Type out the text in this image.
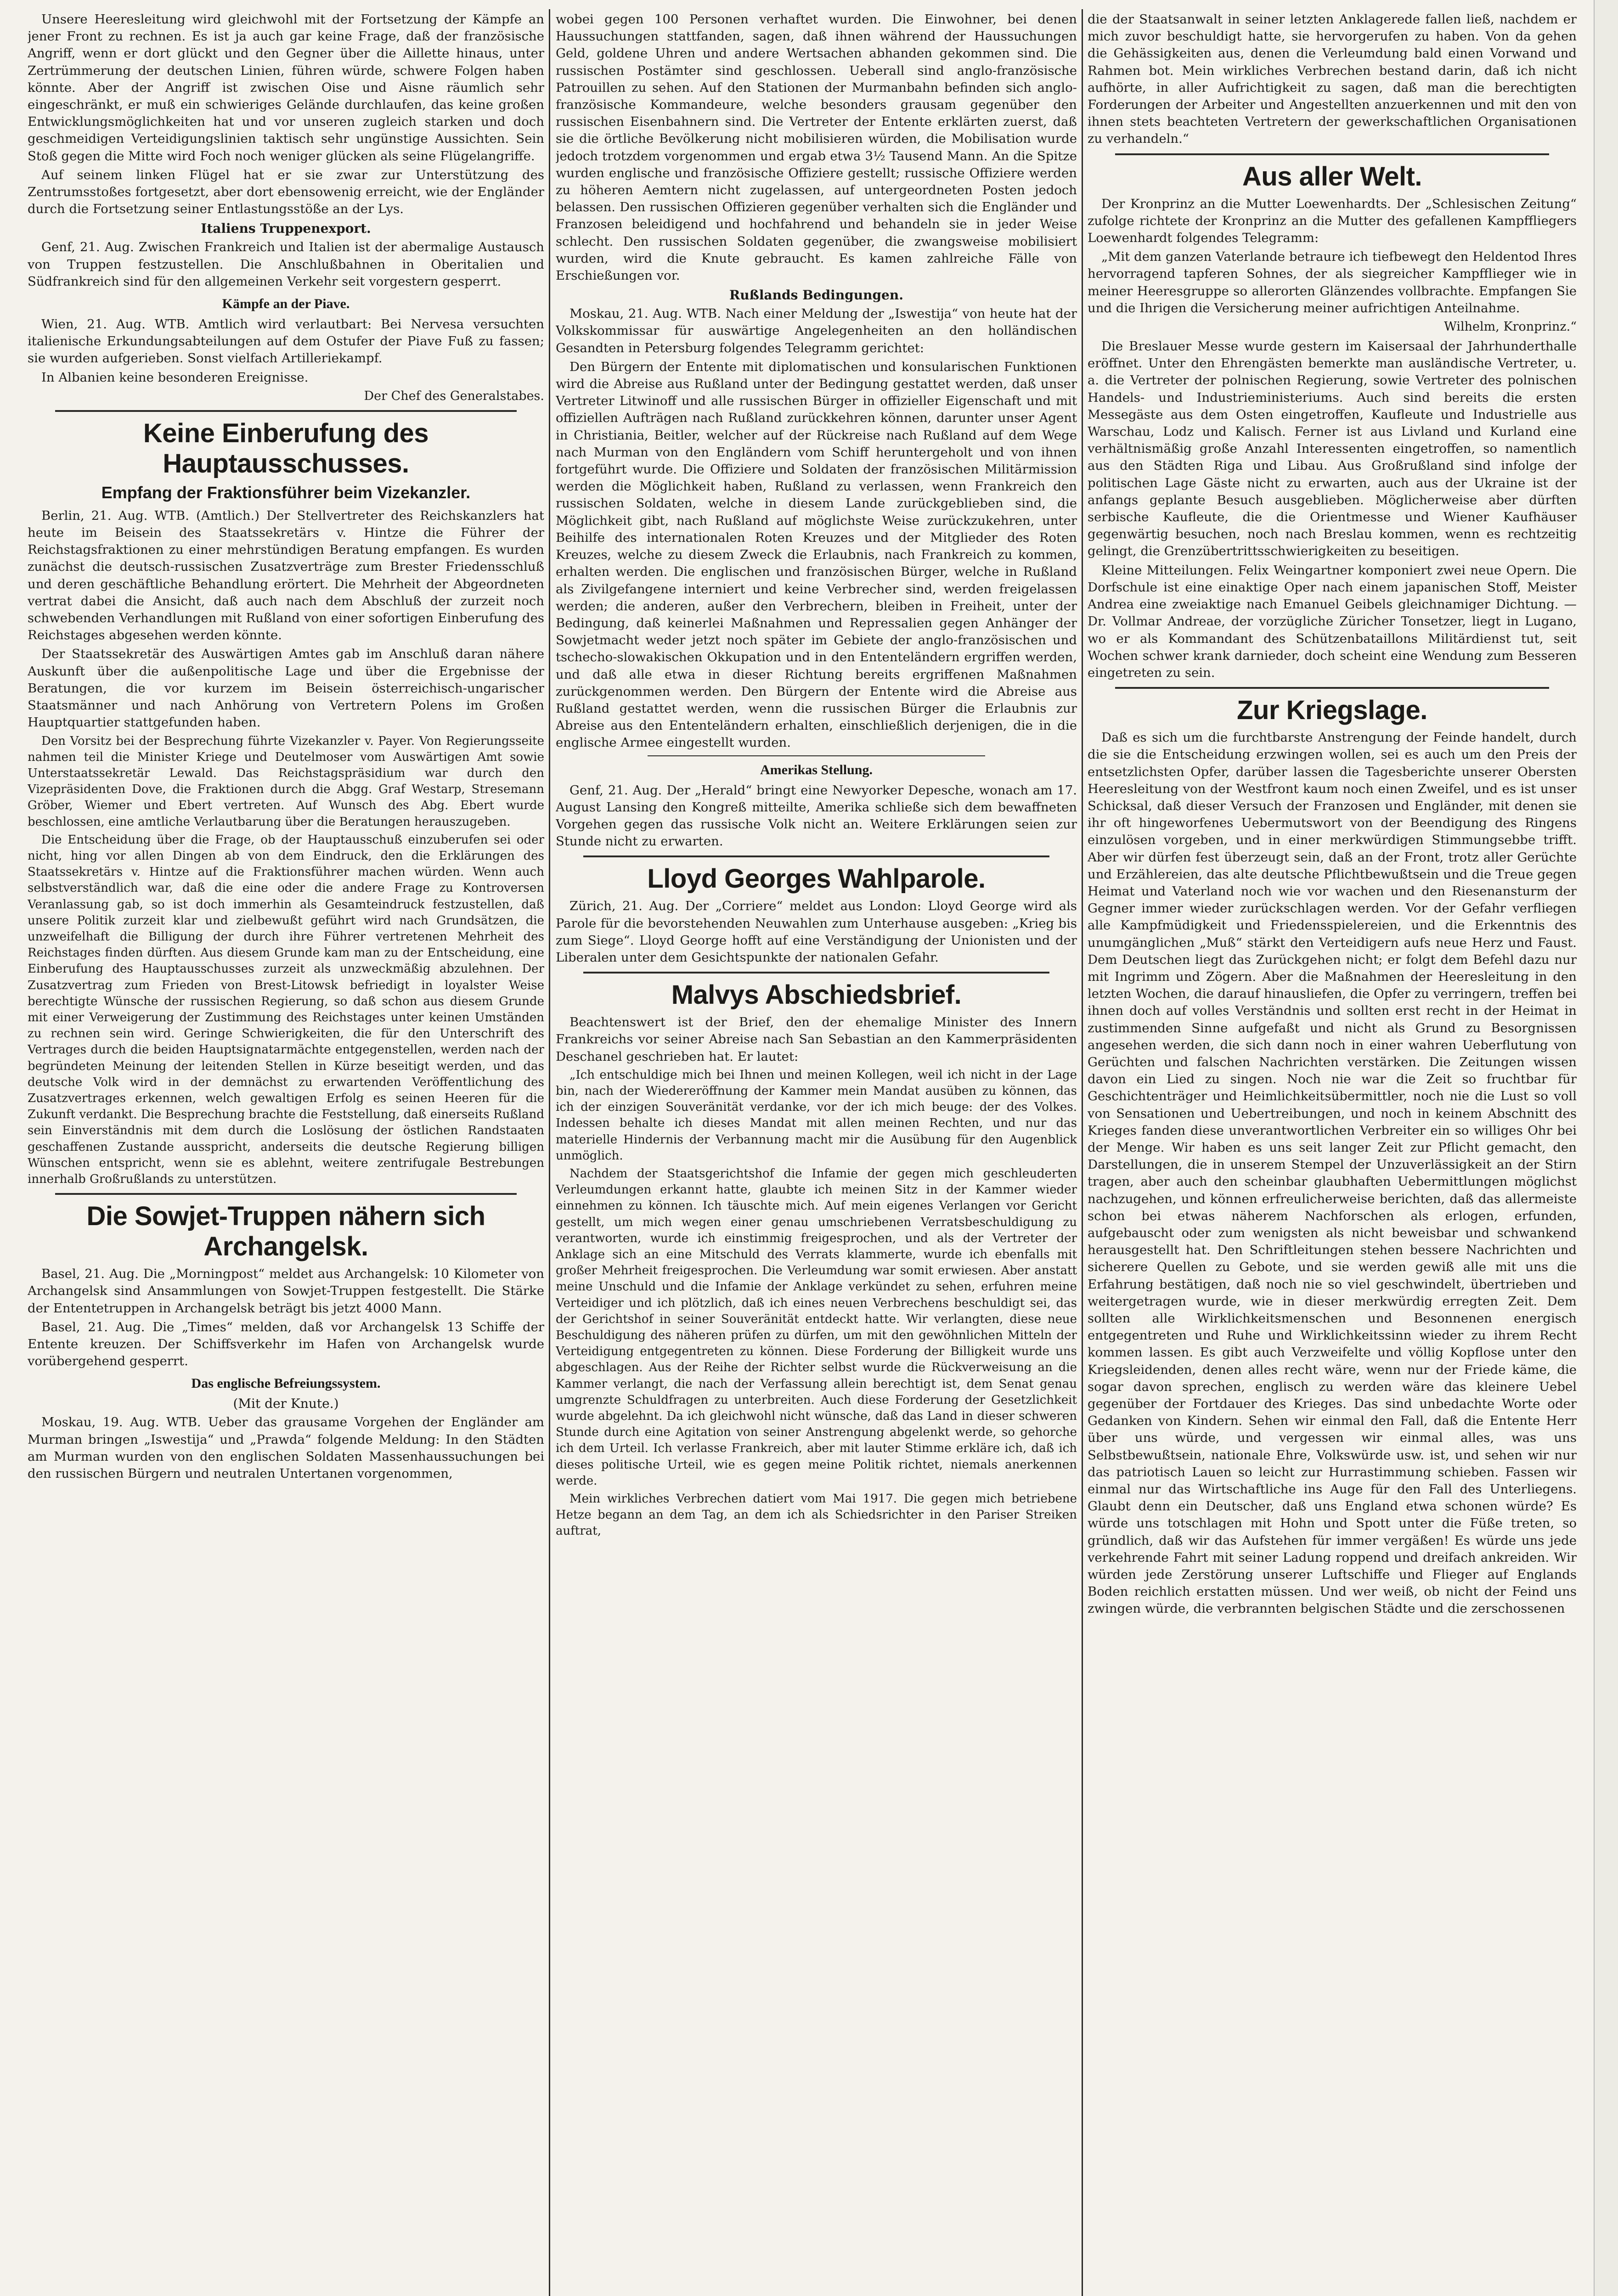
Unsere Heeresleitung wird gleichwohl mit der Fortsetzung der Kämpfe an jener Front zu rechnen. Es ist ja auch gar keine Frage, daß der französische Angriff, wenn er dort glückt und den Gegner über die Aillette hinaus, unter Zertrümmerung der deutschen Linien, führen würde, schwere Folgen haben könnte. Aber der Angriff ist zwischen Oise und Aisne räumlich sehr eingeschränkt, er muß ein schwieriges Gelände durchlaufen, das keine großen Entwicklungsmöglichkeiten hat und vor unseren zugleich starken und doch geschmeidigen Verteidigungslinien taktisch sehr ungünstige Aussichten. Sein Stoß gegen die Mitte wird Foch noch weniger glücken als seine Flügelangriffe.

Auf seinem linken Flügel hat er sie zwar zur Unterstützung des Zentrumsstoßes fortgesetzt, aber dort ebensowenig erreicht, wie der Engländer durch die Fortsetzung seiner Entlastungsstöße an der Lys.

Italiens Truppenexport.

Genf, 21. Aug. Zwischen Frankreich und Italien ist der abermalige Austausch von Truppen festzustellen. Die Anschlußbahnen in Oberitalien und Südfrankreich sind für den allgemeinen Verkehr seit vorgestern gesperrt.

Kämpfe an der Piave.

Wien, 21. Aug. WTB. Amtlich wird verlautbart: Bei Nervesa versuchten italienische Erkundungsabteilungen auf dem Ostufer der Piave Fuß zu fassen; sie wurden aufgerieben. Sonst vielfach Artilleriekampf.

In Albanien keine besonderen Ereignisse.

Der Chef des Generalstabes.
Keine Einberufung des Hauptausschusses.
Empfang der Fraktionsführer beim Vizekanzler.

Berlin, 21. Aug. WTB. (Amtlich.) Der Stellvertreter des Reichskanzlers hat heute im Beisein des Staatssekretärs v. Hintze die Führer der Reichstagsfraktionen zu einer mehrstündigen Beratung empfangen. Es wurden zunächst die deutsch-russischen Zusatzverträge zum Brester Friedensschluß und deren geschäftliche Behandlung erörtert. Die Mehrheit der Abgeordneten vertrat dabei die Ansicht, daß auch nach dem Abschluß der zurzeit noch schwebenden Verhandlungen mit Rußland von einer sofortigen Einberufung des Reichstages abgesehen werden könnte.

Der Staatssekretär des Auswärtigen Amtes gab im Anschluß daran nähere Auskunft über die außenpolitische Lage und über die Ergebnisse der Beratungen, die vor kurzem im Beisein österreichisch-ungarischer Staatsmänner und nach Anhörung von Vertretern Polens im Großen Hauptquartier stattgefunden haben.

Den Vorsitz bei der Besprechung führte Vizekanzler v. Payer. Von Regierungsseite nahmen teil die Minister Kriege und Deutelmoser vom Auswärtigen Amt sowie Unterstaatssekretär Lewald. Das Reichstagspräsidium war durch den Vizepräsidenten Dove, die Fraktionen durch die Abgg. Graf Westarp, Stresemann Gröber, Wiemer und Ebert vertreten. Auf Wunsch des Abg. Ebert wurde beschlossen, eine amtliche Verlautbarung über die Beratungen herauszugeben.

Die Entscheidung über die Frage, ob der Hauptausschuß einzuberufen sei oder nicht, hing vor allen Dingen ab von dem Eindruck, den die Erklärungen des Staatssekretärs v. Hintze auf die Fraktionsführer machen würden. Wenn auch selbstverständlich war, daß die eine oder die andere Frage zu Kontroversen Veranlassung gab, so ist doch immerhin als Gesamteindruck festzustellen, daß unsere Politik zurzeit klar und zielbewußt geführt wird nach Grundsätzen, die unzweifelhaft die Billigung der durch ihre Führer vertretenen Mehrheit des Reichstages finden dürften. Aus diesem Grunde kam man zu der Entscheidung, eine Einberufung des Hauptausschusses zurzeit als unzweckmäßig abzulehnen. Der Zusatzvertrag zum Frieden von Brest-Litowsk befriedigt in loyalster Weise berechtigte Wünsche der russischen Regierung, so daß schon aus diesem Grunde mit einer Verweigerung der Zustimmung des Reichstages unter keinen Umständen zu rechnen sein wird. Geringe Schwierigkeiten, die für den Unterschrift des Vertrages durch die beiden Hauptsignatarmächte entgegenstellen, werden nach der begründeten Meinung der leitenden Stellen in Kürze beseitigt werden, und das deutsche Volk wird in der demnächst zu erwartenden Veröffentlichung des Zusatzvertrages erkennen, welch gewaltigen Erfolg es seinen Heeren für die Zukunft verdankt. Die Besprechung brachte die Feststellung, daß einerseits Rußland sein Einverständnis mit dem durch die Loslösung der östlichen Randstaaten geschaffenen Zustande ausspricht, anderseits die deutsche Regierung billigen Wünschen entspricht, wenn sie es ablehnt, weitere zentrifugale Bestrebungen innerhalb Großrußlands zu unterstützen.

Die Sowjet-Truppen nähern sich Archangelsk.

Basel, 21. Aug. Die „Morningpost“ meldet aus Archangelsk: 10 Kilometer von Archangelsk sind Ansammlungen von Sowjet-Truppen festgestellt. Die Stärke der Ententetruppen in Archangelsk beträgt bis jetzt 4000 Mann.

Basel, 21. Aug. Die „Times“ melden, daß vor Archangelsk 13 Schiffe der Entente kreuzen. Der Schiffsverkehr im Hafen von Archangelsk wurde vorübergehend gesperrt.

Das englische Befreiungssystem.
(Mit der Knute.)

Moskau, 19. Aug. WTB. Ueber das grausame Vorgehen der Engländer am Murman bringen „Iswestija“ und „Prawda“ folgende Meldung: In den Städten am Murman wurden von den englischen Soldaten Massenhaussuchungen bei den russischen Bürgern und neutralen Untertanen vorgenommen,

wobei gegen 100 Personen verhaftet wurden. Die Einwohner, bei denen Haussuchungen stattfanden, sagen, daß ihnen während der Haussuchungen Geld, goldene Uhren und andere Wertsachen abhanden gekommen sind. Die russischen Postämter sind geschlossen. Ueberall sind anglo-französische Patrouillen zu sehen. Auf den Stationen der Murmanbahn befinden sich anglo-französische Kommandeure, welche besonders grausam gegenüber den russischen Eisenbahnern sind. Die Vertreter der Entente erklärten zuerst, daß sie die örtliche Bevölkerung nicht mobilisieren würden, die Mobilisation wurde jedoch trotzdem vorgenommen und ergab etwa 3½ Tausend Mann. An die Spitze wurden englische und französische Offiziere gestellt; russische Offiziere werden zu höheren Aemtern nicht zugelassen, auf untergeordneten Posten jedoch belassen. Den russischen Offizieren gegenüber verhalten sich die Engländer und Franzosen beleidigend und hochfahrend und behandeln sie in jeder Weise schlecht. Den russischen Soldaten gegenüber, die zwangsweise mobilisiert wurden, wird die Knute gebraucht. Es kamen zahlreiche Fälle von Erschießungen vor.

Rußlands Bedingungen.

Moskau, 21. Aug. WTB. Nach einer Meldung der „Iswestija“ von heute hat der Volkskommissar für auswärtige Angelegenheiten an den holländischen Gesandten in Petersburg folgendes Telegramm gerichtet:

Den Bürgern der Entente mit diplomatischen und konsularischen Funktionen wird die Abreise aus Rußland unter der Bedingung gestattet werden, daß unser Vertreter Litwinoff und alle russischen Bürger in offizieller Eigenschaft und mit offiziellen Aufträgen nach Rußland zurückkehren können, darunter unser Agent in Christiania, Beitler, welcher auf der Rückreise nach Rußland auf dem Wege nach Murman von den Engländern vom Schiff heruntergeholt und von ihnen fortgeführt wurde. Die Offiziere und Soldaten der französischen Militärmission werden die Möglichkeit haben, Rußland zu verlassen, wenn Frankreich den russischen Soldaten, welche in diesem Lande zurückgeblieben sind, die Möglichkeit gibt, nach Rußland auf möglichste Weise zurückzukehren, unter Beihilfe des internationalen Roten Kreuzes und der Mitglieder des Roten Kreuzes, welche zu diesem Zweck die Erlaubnis, nach Frankreich zu kommen, erhalten werden. Die englischen und französischen Bürger, welche in Rußland als Zivilgefangene interniert und keine Verbrecher sind, werden freigelassen werden; die anderen, außer den Verbrechern, bleiben in Freiheit, unter der Bedingung, daß keinerlei Maßnahmen und Repressalien gegen Anhänger der Sowjetmacht weder jetzt noch später im Gebiete der anglo-französischen und tschecho-slowakischen Okkupation und in den Ententeländern ergriffen werden, und daß alle etwa in dieser Richtung bereits ergriffenen Maßnahmen zurückgenommen werden. Den Bürgern der Entente wird die Abreise aus Rußland gestattet werden, wenn die russischen Bürger die Erlaubnis zur Abreise aus den Ententeländern erhalten, einschließlich derjenigen, die in die englische Armee eingestellt wurden.

Amerikas Stellung.

Genf, 21. Aug. Der „Herald“ bringt eine Newyorker Depesche, wonach am 17. August Lansing den Kongreß mitteilte, Amerika schließe sich dem bewaffneten Vorgehen gegen das russische Volk nicht an. Weitere Erklärungen seien zur Stunde nicht zu erwarten.

Lloyd Georges Wahlparole.

Zürich, 21. Aug. Der „Corriere“ meldet aus London: Lloyd George wird als Parole für die bevorstehenden Neuwahlen zum Unterhause ausgeben: „Krieg bis zum Siege“. Lloyd George hofft auf eine Verständigung der Unionisten und der Liberalen unter dem Gesichtspunkte der nationalen Gefahr.

Malvys Abschiedsbrief.

Beachtenswert ist der Brief, den der ehemalige Minister des Innern Frankreichs vor seiner Abreise nach San Sebastian an den Kammerpräsidenten Deschanel geschrieben hat. Er lautet:

„Ich entschuldige mich bei Ihnen und meinen Kollegen, weil ich nicht in der Lage bin, nach der Wiedereröffnung der Kammer mein Mandat ausüben zu können, das ich der einzigen Souveränität verdanke, vor der ich mich beuge: der des Volkes. Indessen behalte ich dieses Mandat mit allen meinen Rechten, und nur das materielle Hindernis der Verbannung macht mir die Ausübung für den Augenblick unmöglich.

Nachdem der Staatsgerichtshof die Infamie der gegen mich geschleuderten Verleumdungen erkannt hatte, glaubte ich meinen Sitz in der Kammer wieder einnehmen zu können. Ich täuschte mich. Auf mein eigenes Verlangen vor Gericht gestellt, um mich wegen einer genau umschriebenen Verratsbeschuldigung zu verantworten, wurde ich einstimmig freigesprochen, und als der Vertreter der Anklage sich an eine Mitschuld des Verrats klammerte, wurde ich ebenfalls mit großer Mehrheit freigesprochen. Die Verleumdung war somit erwiesen. Aber anstatt meine Unschuld und die Infamie der Anklage verkündet zu sehen, erfuhren meine Verteidiger und ich plötzlich, daß ich eines neuen Verbrechens beschuldigt sei, das der Gerichtshof in seiner Souveränität entdeckt hatte. Wir verlangten, diese neue Beschuldigung des näheren prüfen zu dürfen, um mit den gewöhnlichen Mitteln der Verteidigung entgegentreten zu können. Diese Forderung der Billigkeit wurde uns abgeschlagen. Aus der Reihe der Richter selbst wurde die Rückverweisung an die Kammer verlangt, die nach der Verfassung allein berechtigt ist, dem Senat genau umgrenzte Schuldfragen zu unterbreiten. Auch diese Forderung der Gesetzlichkeit wurde abgelehnt. Da ich gleichwohl nicht wünsche, daß das Land in dieser schweren Stunde durch eine Agitation von seiner Anstrengung abgelenkt werde, so gehorche ich dem Urteil. Ich verlasse Frankreich, aber mit lauter Stimme erkläre ich, daß ich dieses politische Urteil, wie es gegen meine Politik richtet, niemals anerkennen werde.

Mein wirkliches Verbrechen datiert vom Mai 1917. Die gegen mich betriebene Hetze begann an dem Tag, an dem ich als Schiedsrichter in den Pariser Streiken auftrat,

die der Staatsanwalt in seiner letzten Anklagerede fallen ließ, nachdem er mich zuvor beschuldigt hatte, sie hervorgerufen zu haben. Von da gehen die Gehässigkeiten aus, denen die Verleumdung bald einen Vorwand und Rahmen bot. Mein wirkliches Verbrechen bestand darin, daß ich nicht aufhörte, in aller Aufrichtigkeit zu sagen, daß man die berechtigten Forderungen der Arbeiter und Angestellten anzuerkennen und mit den von ihnen stets beachteten Vertretern der gewerkschaftlichen Organisationen zu verhandeln.“

Aus aller Welt.

Der Kronprinz an die Mutter Loewenhardts. Der „Schlesischen Zeitung“ zufolge richtete der Kronprinz an die Mutter des gefallenen Kampffliegers Loewenhardt folgendes Telegramm:

„Mit dem ganzen Vaterlande betraure ich tiefbewegt den Heldentod Ihres hervorragend tapferen Sohnes, der als siegreicher Kampfflieger wie in meiner Heeresgruppe so allerorten Glänzendes vollbrachte. Empfangen Sie und die Ihrigen die Versicherung meiner aufrichtigen Anteilnahme.

Wilhelm, Kronprinz.“

Die Breslauer Messe wurde gestern im Kaisersaal der Jahrhunderthalle eröffnet. Unter den Ehrengästen bemerkte man ausländische Vertreter, u. a. die Vertreter der polnischen Regierung, sowie Vertreter des polnischen Handels- und Industrieministeriums. Auch sind bereits die ersten Messegäste aus dem Osten eingetroffen, Kaufleute und Industrielle aus Warschau, Lodz und Kalisch. Ferner ist aus Livland und Kurland eine verhältnismäßig große Anzahl Interessenten eingetroffen, so namentlich aus den Städten Riga und Libau. Aus Großrußland sind infolge der politischen Lage Gäste nicht zu erwarten, auch aus der Ukraine ist der anfangs geplante Besuch ausgeblieben. Möglicherweise aber dürften serbische Kaufleute, die die Orientmesse und Wiener Kaufhäuser gegenwärtig besuchen, noch nach Breslau kommen, wenn es rechtzeitig gelingt, die Grenzübertrittsschwierigkeiten zu beseitigen.

Kleine Mitteilungen. Felix Weingartner komponiert zwei neue Opern. Die Dorfschule ist eine einaktige Oper nach einem japanischen Stoff, Meister Andrea eine zweiaktige nach Emanuel Geibels gleichnamiger Dichtung. — Dr. Vollmar Andreae, der vorzügliche Züricher Tonsetzer, liegt in Lugano, wo er als Kommandant des Schützenbataillons Militärdienst tut, seit Wochen schwer krank darnieder, doch scheint eine Wendung zum Besseren eingetreten zu sein.

Zur Kriegslage.

Daß es sich um die furchtbarste Anstrengung der Feinde handelt, durch die sie die Entscheidung erzwingen wollen, sei es auch um den Preis der entsetzlichsten Opfer, darüber lassen die Tagesberichte unserer Obersten Heeresleitung von der Westfront kaum noch einen Zweifel, und es ist unser Schicksal, daß dieser Versuch der Franzosen und Engländer, mit denen sie ihr oft hingeworfenes Uebermutswort von der Beendigung des Ringens einzulösen vorgeben, und in einer merkwürdigen Stimmungsebbe trifft. Aber wir dürfen fest überzeugt sein, daß an der Front, trotz aller Gerüchte und Erzählereien, das alte deutsche Pflichtbewußtsein und die Treue gegen Heimat und Vaterland noch wie vor wachen und den Riesenansturm der Gegner immer wieder zurückschlagen werden. Vor der Gefahr verfliegen alle Kampfmüdigkeit und Friedensspielereien, und die Erkenntnis des unumgänglichen „Muß“ stärkt den Verteidigern aufs neue Herz und Faust. Dem Deutschen liegt das Zurückgehen nicht; er folgt dem Befehl dazu nur mit Ingrimm und Zögern. Aber die Maßnahmen der Heeresleitung in den letzten Wochen, die darauf hinausliefen, die Opfer zu verringern, treffen bei ihnen doch auf volles Verständnis und sollten erst recht in der Heimat in zustimmenden Sinne aufgefaßt und nicht als Grund zu Besorgnissen angesehen werden, die sich dann noch in einer wahren Ueberflutung von Gerüchten und falschen Nachrichten verstärken. Die Zeitungen wissen davon ein Lied zu singen. Noch nie war die Zeit so fruchtbar für Geschichtenträger und Heimlichkeitsübermittler, noch nie die Lust so voll von Sensationen und Uebertreibungen, und noch in keinem Abschnitt des Krieges fanden diese unverantwortlichen Verbreiter ein so williges Ohr bei der Menge. Wir haben es uns seit langer Zeit zur Pflicht gemacht, den Darstellungen, die in unserem Stempel der Unzuverlässigkeit an der Stirn tragen, aber auch den scheinbar glaubhaften Uebermittlungen möglichst nachzugehen, und können erfreulicherweise berichten, daß das allermeiste schon bei etwas näherem Nachforschen als erlogen, erfunden, aufgebauscht oder zum wenigsten als nicht beweisbar und schwankend herausgestellt hat. Den Schriftleitungen stehen bessere Nachrichten und sicherere Quellen zu Gebote, und sie werden gewiß alle mit uns die Erfahrung bestätigen, daß noch nie so viel geschwindelt, übertrieben und weitergetragen wurde, wie in dieser merkwürdig erregten Zeit. Dem sollten alle Wirklichkeitsmenschen und Besonnenen energisch entgegentreten und Ruhe und Wirklichkeitssinn wieder zu ihrem Recht kommen lassen. Es gibt auch Verzweifelte und völlig Kopflose unter den Kriegsleidenden, denen alles recht wäre, wenn nur der Friede käme, die sogar davon sprechen, englisch zu werden wäre das kleinere Uebel gegenüber der Fortdauer des Krieges. Das sind unbedachte Worte oder Gedanken von Kindern. Sehen wir einmal den Fall, daß die Entente Herr über uns würde, und vergessen wir einmal alles, was uns Selbstbewußtsein, nationale Ehre, Volkswürde usw. ist, und sehen wir nur das patriotisch Lauen so leicht zur Hurrastimmung schieben. Fassen wir einmal nur das Wirtschaftliche ins Auge für den Fall des Unterliegens. Glaubt denn ein Deutscher, daß uns England etwa schonen würde? Es würde uns totschlagen mit Hohn und Spott unter die Füße treten, so gründlich, daß wir das Aufstehen für immer vergäßen! Es würde uns jede verkehrende Fahrt mit seiner Ladung roppend und dreifach ankreiden. Wir würden jede Zerstörung unserer Luftschiffe und Flieger auf Englands Boden reichlich erstatten müssen. Und wer weiß, ob nicht der Feind uns zwingen würde, die verbrannten belgischen Städte und die zerschossenen
